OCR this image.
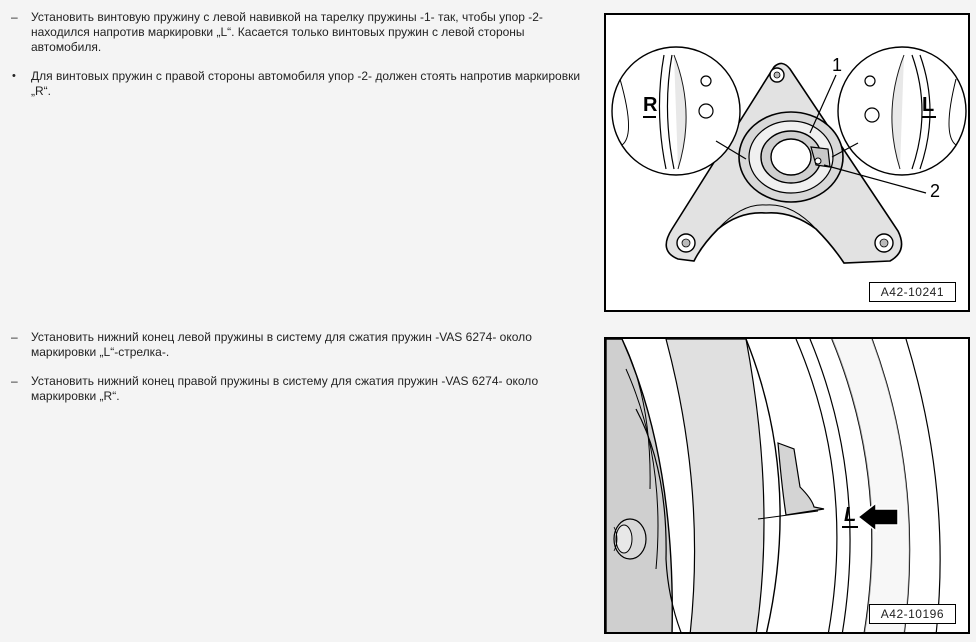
–	Установить винтовую пружину с левой навивкой на тарелку пружины -1- так, чтобы упор -2- находился напротив маркировки „L“. Касается только винтовых пружин с левой стороны автомобиля.
•	Для винтовых пружин с правой стороны автомобиля упор -2- должен стоять напротив маркировки „R“.
R	L
1
2
A42-10241
–	Установить нижний конец левой пружины в систему для сжатия пружин -VAS 6274- около маркировки „L“-стрелка-.
–	Установить нижний конец правой пружины в систему для сжатия пружин -VAS 6274- около маркировки „R“.
L
A42-10196
